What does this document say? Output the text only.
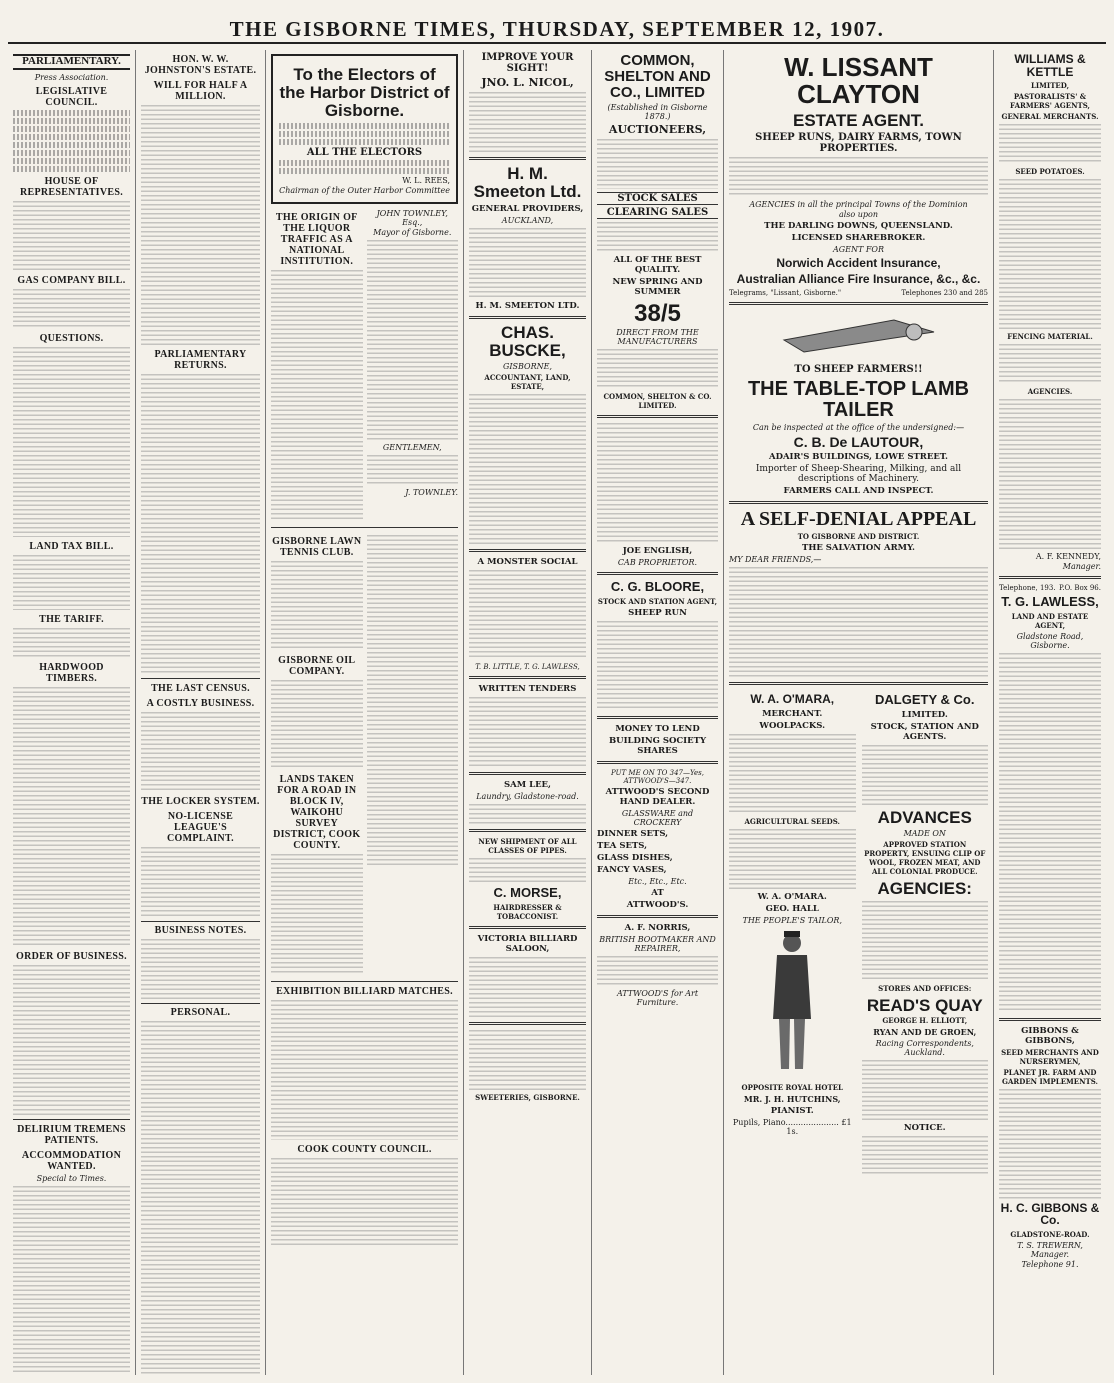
THE GISBORNE TIMES, THURSDAY, SEPTEMBER 12, 1907.
PARLIAMENTARY.
Press Association.
LEGISLATIVE COUNCIL.
HOUSE OF REPRESENTATIVES.
GAS COMPANY BILL.
QUESTIONS.
LAND TAX BILL.
THE TARIFF.
HARDWOOD TIMBERS.
ORDER OF BUSINESS.
DELIRIUM TREMENS PATIENTS.
ACCOMMODATION WANTED.
Special to Times.
HON. W. W. JOHNSTON'S ESTATE.
WILL FOR HALF A MILLION.
PARLIAMENTARY RETURNS.
THE LAST CENSUS.
A COSTLY BUSINESS.
THE LOCKER SYSTEM.
NO-LICENSE LEAGUE'S COMPLAINT.
BUSINESS NOTES.
PERSONAL.
To the Electors of the Harbor District of Gisborne.
ALL THE ELECTORS
W. L. REES,
Chairman of the Outer Harbor Committee
THE ORIGIN OF THE LIQUOR TRAFFIC AS A NATIONAL INSTITUTION.
JOHN TOWNLEY, Esq.,
Mayor of Gisborne.
GENTLEMEN,
J. TOWNLEY.
GISBORNE LAWN TENNIS CLUB.
GISBORNE OIL COMPANY.
LANDS TAKEN FOR A ROAD IN BLOCK IV, WAIKOHU SURVEY DISTRICT, COOK COUNTY.
EXHIBITION BILLIARD MATCHES.
COOK COUNTY COUNCIL.
IMPROVE YOUR SIGHT!
JNO. L. NICOL,
H. M. Smeeton Ltd.
GENERAL PROVIDERS,
AUCKLAND,
H. M. SMEETON LTD.
CHAS. BUSCKE,
GISBORNE,
ACCOUNTANT, LAND, ESTATE,
A MONSTER SOCIAL
T. B. LITTLE, T. G. LAWLESS,
WRITTEN TENDERS
SAM LEE,
Laundry, Gladstone-road.
NEW SHIPMENT OF ALL CLASSES OF PIPES.
C. MORSE,
HAIRDRESSER & TOBACCONIST.
VICTORIA BILLIARD SALOON,
SWEETERIES, GISBORNE.
COMMON, SHELTON AND CO., LIMITED
(Established in Gisborne 1878.)
AUCTIONEERS,
STOCK SALES
CLEARING SALES
ALL OF THE BEST QUALITY.
NEW SPRING AND SUMMER
38/5
DIRECT FROM THE MANUFACTURERS
COMMON, SHELTON & CO. LIMITED.
JOE ENGLISH,
CAB PROPRIETOR.
C. G. BLOORE,
STOCK AND STATION AGENT,
SHEEP RUN
MONEY TO LEND
BUILDING SOCIETY SHARES
PUT ME ON TO 347—Yes, ATTWOOD'S—347.
ATTWOOD'S SECOND HAND DEALER.
GLASSWARE and CROCKERY
DINNER SETS,
TEA SETS,
GLASS DISHES,
FANCY VASES,
Etc., Etc., Etc.
AT
ATTWOOD'S.
A. F. NORRIS,
BRITISH BOOTMAKER AND REPAIRER,
ATTWOOD'S for Art Furniture.
W. LISSANT CLAYTON
ESTATE AGENT.
SHEEP RUNS, DAIRY FARMS, TOWN PROPERTIES.
AGENCIES in all the principal Towns of the Dominion
also upon
THE DARLING DOWNS, QUEENSLAND.
LICENSED SHAREBROKER.
AGENT FOR
Norwich Accident Insurance,
Australian Alliance Fire Insurance, &c., &c.
Telegrams, "Lissant, Gisborne."	Telephones 230 and 285
TO SHEEP FARMERS!!
THE TABLE-TOP LAMB TAILER
Can be inspected at the office of the undersigned:—
C. B. De LAUTOUR,
ADAIR'S BUILDINGS, LOWE STREET.
Importer of Sheep-Shearing, Milking, and all descriptions of Machinery.
FARMERS CALL AND INSPECT.
A SELF-DENIAL APPEAL
TO GISBORNE AND DISTRICT.
THE SALVATION ARMY.
MY DEAR FRIENDS,—
W. A. O'MARA,
MERCHANT.
WOOLPACKS.
AGRICULTURAL SEEDS.
W. A. O'MARA.
GEO. HALL
THE PEOPLE'S TAILOR,
OPPOSITE ROYAL HOTEL
MR. J. H. HUTCHINS,
PIANIST.
Pupils, Piano..................... £1 1s.
DALGETY & Co.
LIMITED.
STOCK, STATION AND AGENTS.
ADVANCES
MADE ON
APPROVED STATION PROPERTY, ENSUING CLIP OF WOOL, FROZEN MEAT, AND ALL COLONIAL PRODUCE.
AGENCIES:
STORES AND OFFICES:
READ'S QUAY
GEORGE H. ELLIOTT,
RYAN AND DE GROEN,
Racing Correspondents, Auckland.
NOTICE.
WILLIAMS & KETTLE
LIMITED,
PASTORALISTS' & FARMERS' AGENTS,
GENERAL MERCHANTS.
SEED POTATOES.
FENCING MATERIAL.
AGENCIES.
A. F. KENNEDY,
Manager.
Telephone, 193. P.O. Box 96.
T. G. LAWLESS,
LAND AND ESTATE AGENT,
Gladstone Road, Gisborne.
GIBBONS & GIBBONS,
SEED MERCHANTS AND NURSERYMEN,
PLANET JR. FARM AND GARDEN IMPLEMENTS.
H. C. GIBBONS & Co.
GLADSTONE-ROAD.
T. S. TREWERN, Manager.
Telephone 91.
